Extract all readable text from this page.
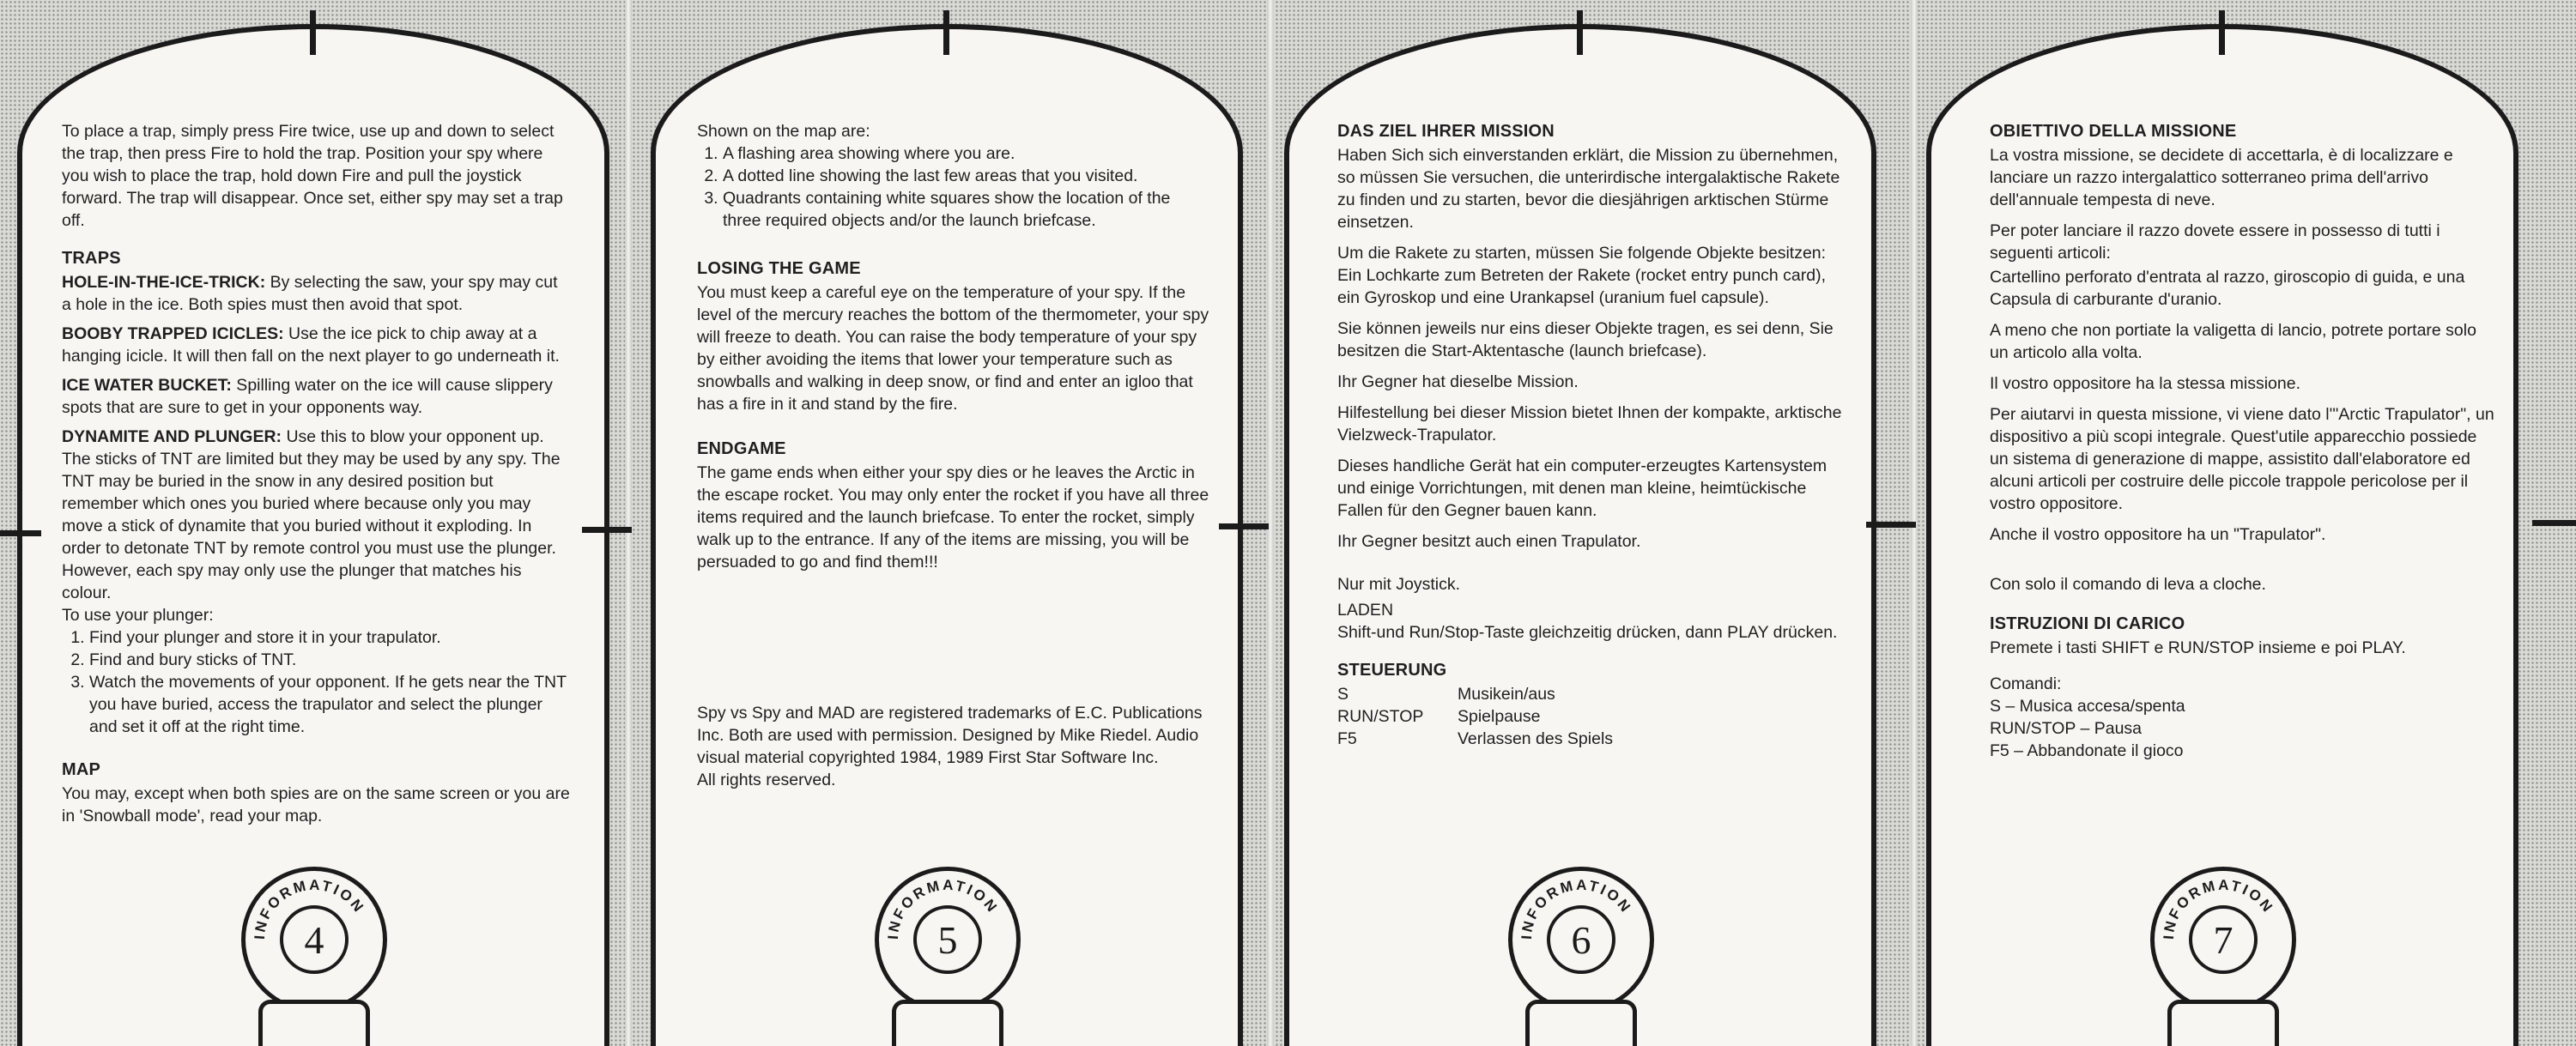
To place a trap, simply press Fire twice, use up and down to select the trap, then press Fire to hold the trap. Position your spy where you wish to place the trap, hold down Fire and pull the joystick forward. The trap will disappear. Once set, either spy may set a trap off.

TRAPS

HOLE-IN-THE-ICE-TRICK: By selecting the saw, your spy may cut a hole in the ice. Both spies must then avoid that spot.

BOOBY TRAPPED ICICLES: Use the ice pick to chip away at a hanging icicle. It will then fall on the next player to go underneath it.

ICE WATER BUCKET: Spilling water on the ice will cause slippery spots that are sure to get in your opponents way.

DYNAMITE AND PLUNGER: Use this to blow your opponent up. The sticks of TNT are limited but they may be used by any spy. The TNT may be buried in the snow in any desired position but remember which ones you buried where because only you may move a stick of dynamite that you buried without it exploding. In order to detonate TNT by remote control you must use the plunger. However, each spy may only use the plunger that matches his colour.

To use your plunger:

1. Find your plunger and store it in your trapulator.
2. Find and bury sticks of TNT.
3. Watch the movements of your opponent. If he gets near the TNT you have buried, access the trapulator and select the plunger and set it off at the right time.
MAP

You may, except when both spies are on the same screen or you are in 'Snowball mode', read your map.

INFORMATION
4

Shown on the map are:

1. A flashing area showing where you are.
2. A dotted line showing the last few areas that you visited.
3. Quadrants containing white squares show the location of the three required objects and/or the launch briefcase.
LOSING THE GAME

You must keep a careful eye on the temperature of your spy. If the level of the mercury reaches the bottom of the thermometer, your spy will freeze to death. You can raise the body temperature of your spy by either avoiding the items that lower your temperature such as snowballs and walking in deep snow, or find and enter an igloo that has a fire in it and stand by the fire.

ENDGAME

The game ends when either your spy dies or he leaves the Arctic in the escape rocket. You may only enter the rocket if you have all three items required and the launch briefcase. To enter the rocket, simply walk up to the entrance. If any of the items are missing, you will be persuaded to go and find them!!!

Spy vs Spy and MAD are registered trademarks of E.C. Publications Inc. Both are used with permission. Designed by Mike Riedel. Audio visual material copyrighted 1984, 1989 First Star Software Inc.

All rights reserved.

INFORMATION
5
DAS ZIEL IHRER MISSION

Haben Sich sich einverstanden erklärt, die Mission zu übernehmen, so müssen Sie versuchen, die unterirdische intergalaktische Rakete zu finden und zu starten, bevor die diesjährigen arktischen Stürme einsetzen.

Um die Rakete zu starten, müssen Sie folgende Objekte besitzen: Ein Lochkarte zum Betreten der Rakete (rocket entry punch card), ein Gyroskop und eine Urankapsel (uranium fuel capsule).

Sie können jeweils nur eins dieser Objekte tragen, es sei denn, Sie besitzen die Start-Aktentasche (launch briefcase).

Ihr Gegner hat dieselbe Mission.

Hilfestellung bei dieser Mission bietet Ihnen der kompakte, arktische Vielzweck-Trapulator.

Dieses handliche Gerät hat ein computer-erzeugtes Kartensystem und einige Vorrichtungen, mit denen man kleine, heimtückische Fallen für den Gegner bauen kann.

Ihr Gegner besitzt auch einen Trapulator.

Nur mit Joystick.

LADEN

Shift-und Run/Stop-Taste gleichzeitig drücken, dann PLAY drücken.

STEUERUNG
S	Musikein/aus
RUN/STOP	Spielpause
F5	Verlassen des Spiels
INFORMATION
6
OBIETTIVO DELLA MISSIONE

La vostra missione, se decidete di accettarla, è di localizzare e lanciare un razzo intergalattico sotterraneo prima dell'arrivo dell'annuale tempesta di neve.

Per poter lanciare il razzo dovete essere in possesso di tutti i seguenti articoli:

Cartellino perforato d'entrata al razzo, giroscopio di guida, e una Capsula di carburante d'uranio.

A meno che non portiate la valigetta di lancio, potrete portare solo un articolo alla volta.

Il vostro oppositore ha la stessa missione.

Per aiutarvi in questa missione, vi viene dato l'"Arctic Trapulator", un dispositivo a più scopi integrale. Quest'utile apparecchio possiede un sistema di generazione di mappe, assistito dall'elaboratore ed alcuni articoli per costruire delle piccole trappole pericolose per il vostro oppositore.

Anche il vostro oppositore ha un "Trapulator".

Con solo il comando di leva a cloche.

ISTRUZIONI DI CARICO

Premete i tasti SHIFT e RUN/STOP insieme e poi PLAY.

Comandi:

S – Musica accesa/spenta

RUN/STOP – Pausa

F5 – Abbandonate il gioco

INFORMATION
7
